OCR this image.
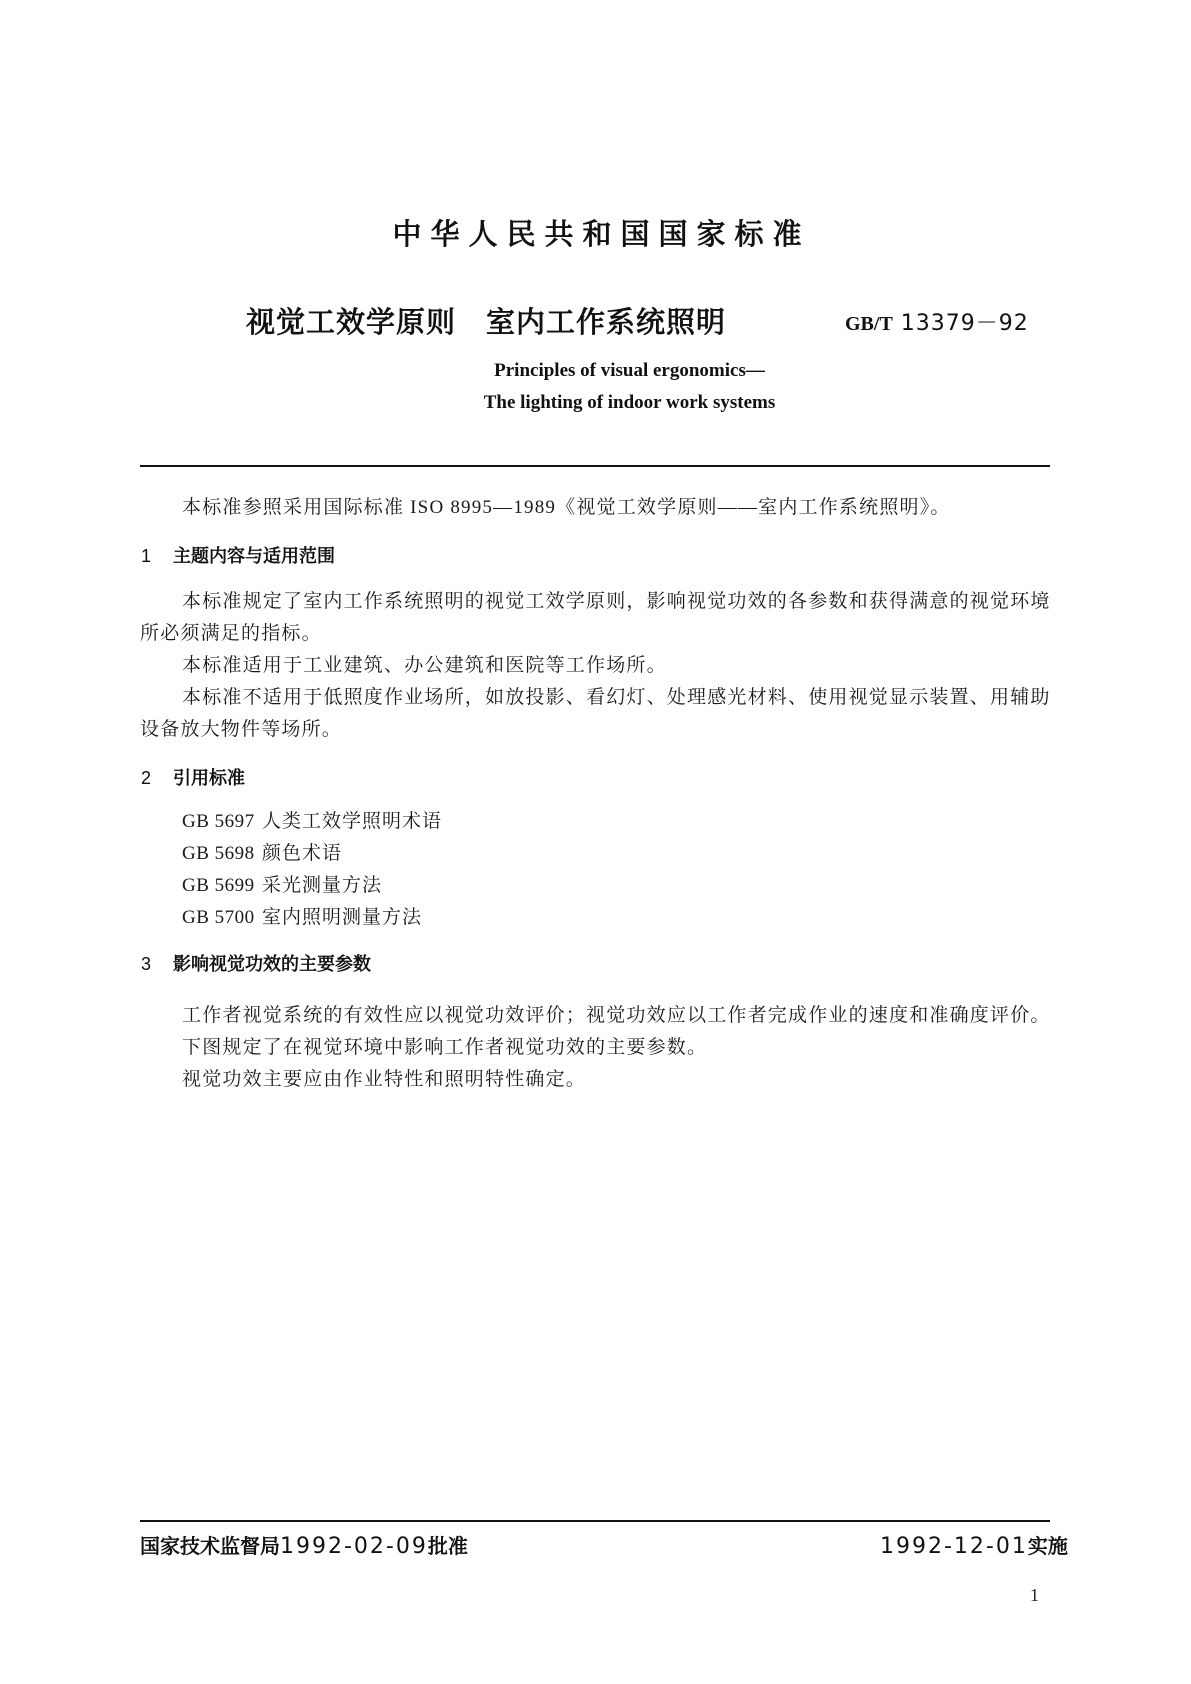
中华人民共和国国家标准
视觉工效学原则　室内工作系统照明	GB/T 13379－92
Principles of visual ergonomics—
The lighting of indoor work systems
本标准参照采用国际标准 ISO 8995—1989《视觉工效学原则——室内工作系统照明》。
1 主题内容与适用范围
本标准规定了室内工作系统照明的视觉工效学原则，影响视觉功效的各参数和获得满意的视觉环境所必须满足的指标。
本标准适用于工业建筑、办公建筑和医院等工作场所。
本标准不适用于低照度作业场所，如放投影、看幻灯、处理感光材料、使用视觉显示装置、用辅助设备放大物件等场所。
2 引用标准
GB 5697 人类工效学照明术语
GB 5698 颜色术语
GB 5699 采光测量方法
GB 5700 室内照明测量方法
3 影响视觉功效的主要参数
工作者视觉系统的有效性应以视觉功效评价；视觉功效应以工作者完成作业的速度和准确度评价。
下图规定了在视觉环境中影响工作者视觉功效的主要参数。
视觉功效主要应由作业特性和照明特性确定。
国家技术监督局1992-02-09批准	1992-12-01实施
1
